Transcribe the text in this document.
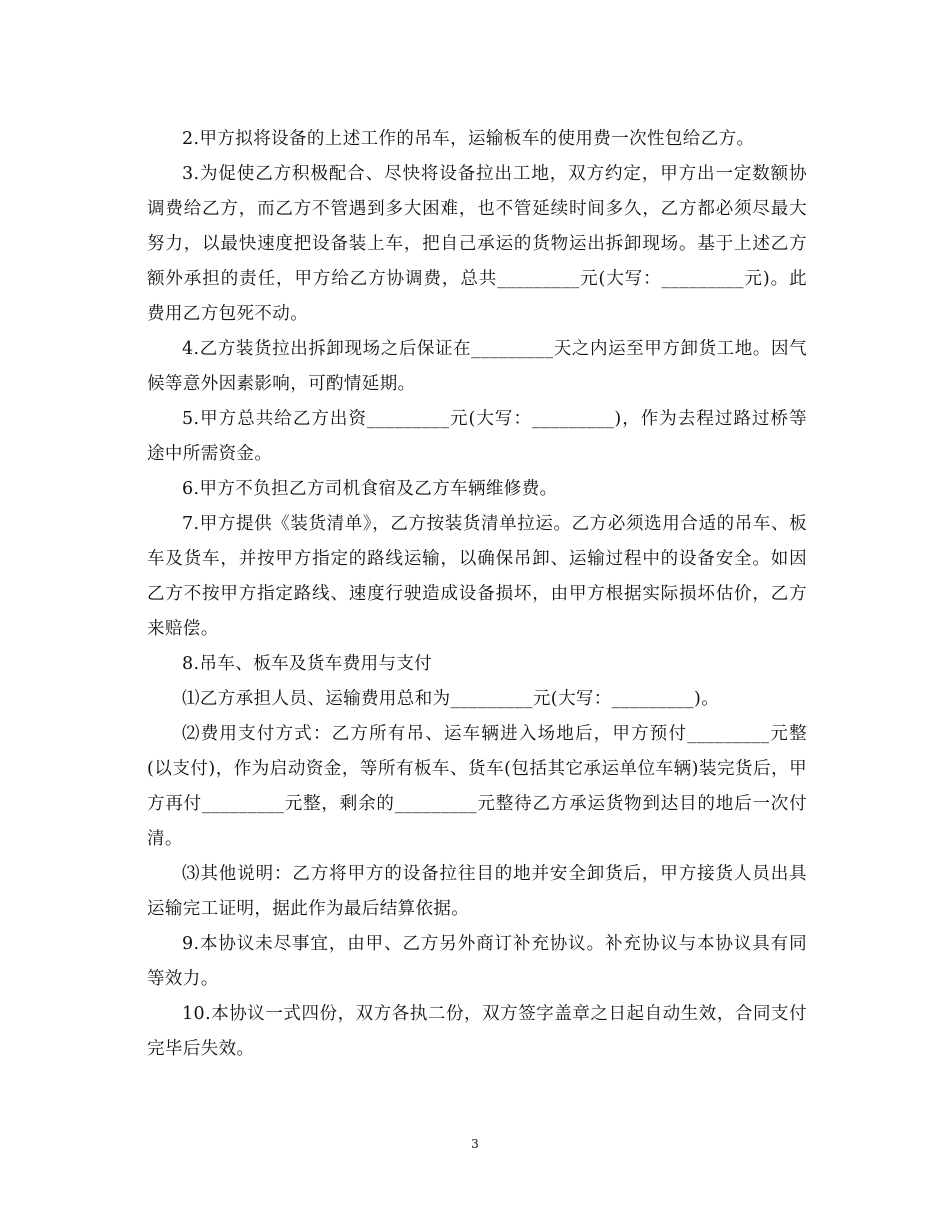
2.甲方拟将设备的上述工作的吊车，运输板车的使用费一次性包给乙方。

3.为促使乙方积极配合、尽快将设备拉出工地，双方约定，甲方出一定数额协调费给乙方，而乙方不管遇到多大困难，也不管延续时间多久，乙方都必须尽最大努力，以最快速度把设备装上车，把自己承运的货物运出拆卸现场。基于上述乙方额外承担的责任，甲方给乙方协调费，总共_________元(大写：_________元)。此费用乙方包死不动。

4.乙方装货拉出拆卸现场之后保证在_________天之内运至甲方卸货工地。因气候等意外因素影响，可酌情延期。

5.甲方总共给乙方出资_________元(大写：_________)，作为去程过路过桥等途中所需资金。

6.甲方不负担乙方司机食宿及乙方车辆维修费。

7.甲方提供《装货清单》，乙方按装货清单拉运。乙方必须选用合适的吊车、板车及货车，并按甲方指定的路线运输，以确保吊卸、运输过程中的设备安全。如因乙方不按甲方指定路线、速度行驶造成设备损坏，由甲方根据实际损坏估价，乙方来赔偿。

8.吊车、板车及货车费用与支付

⑴乙方承担人员、运输费用总和为_________元(大写：_________)。

⑵费用支付方式：乙方所有吊、运车辆进入场地后，甲方预付_________元整(以支付)，作为启动资金，等所有板车、货车(包括其它承运单位车辆)装完货后，甲方再付_________元整，剩余的_________元整待乙方承运货物到达目的地后一次付清。

⑶其他说明：乙方将甲方的设备拉往目的地并安全卸货后，甲方接货人员出具运输完工证明，据此作为最后结算依据。

9.本协议未尽事宜，由甲、乙方另外商订补充协议。补充协议与本协议具有同等效力。

10.本协议一式四份，双方各执二份，双方签字盖章之日起自动生效，合同支付完毕后失效。

3
